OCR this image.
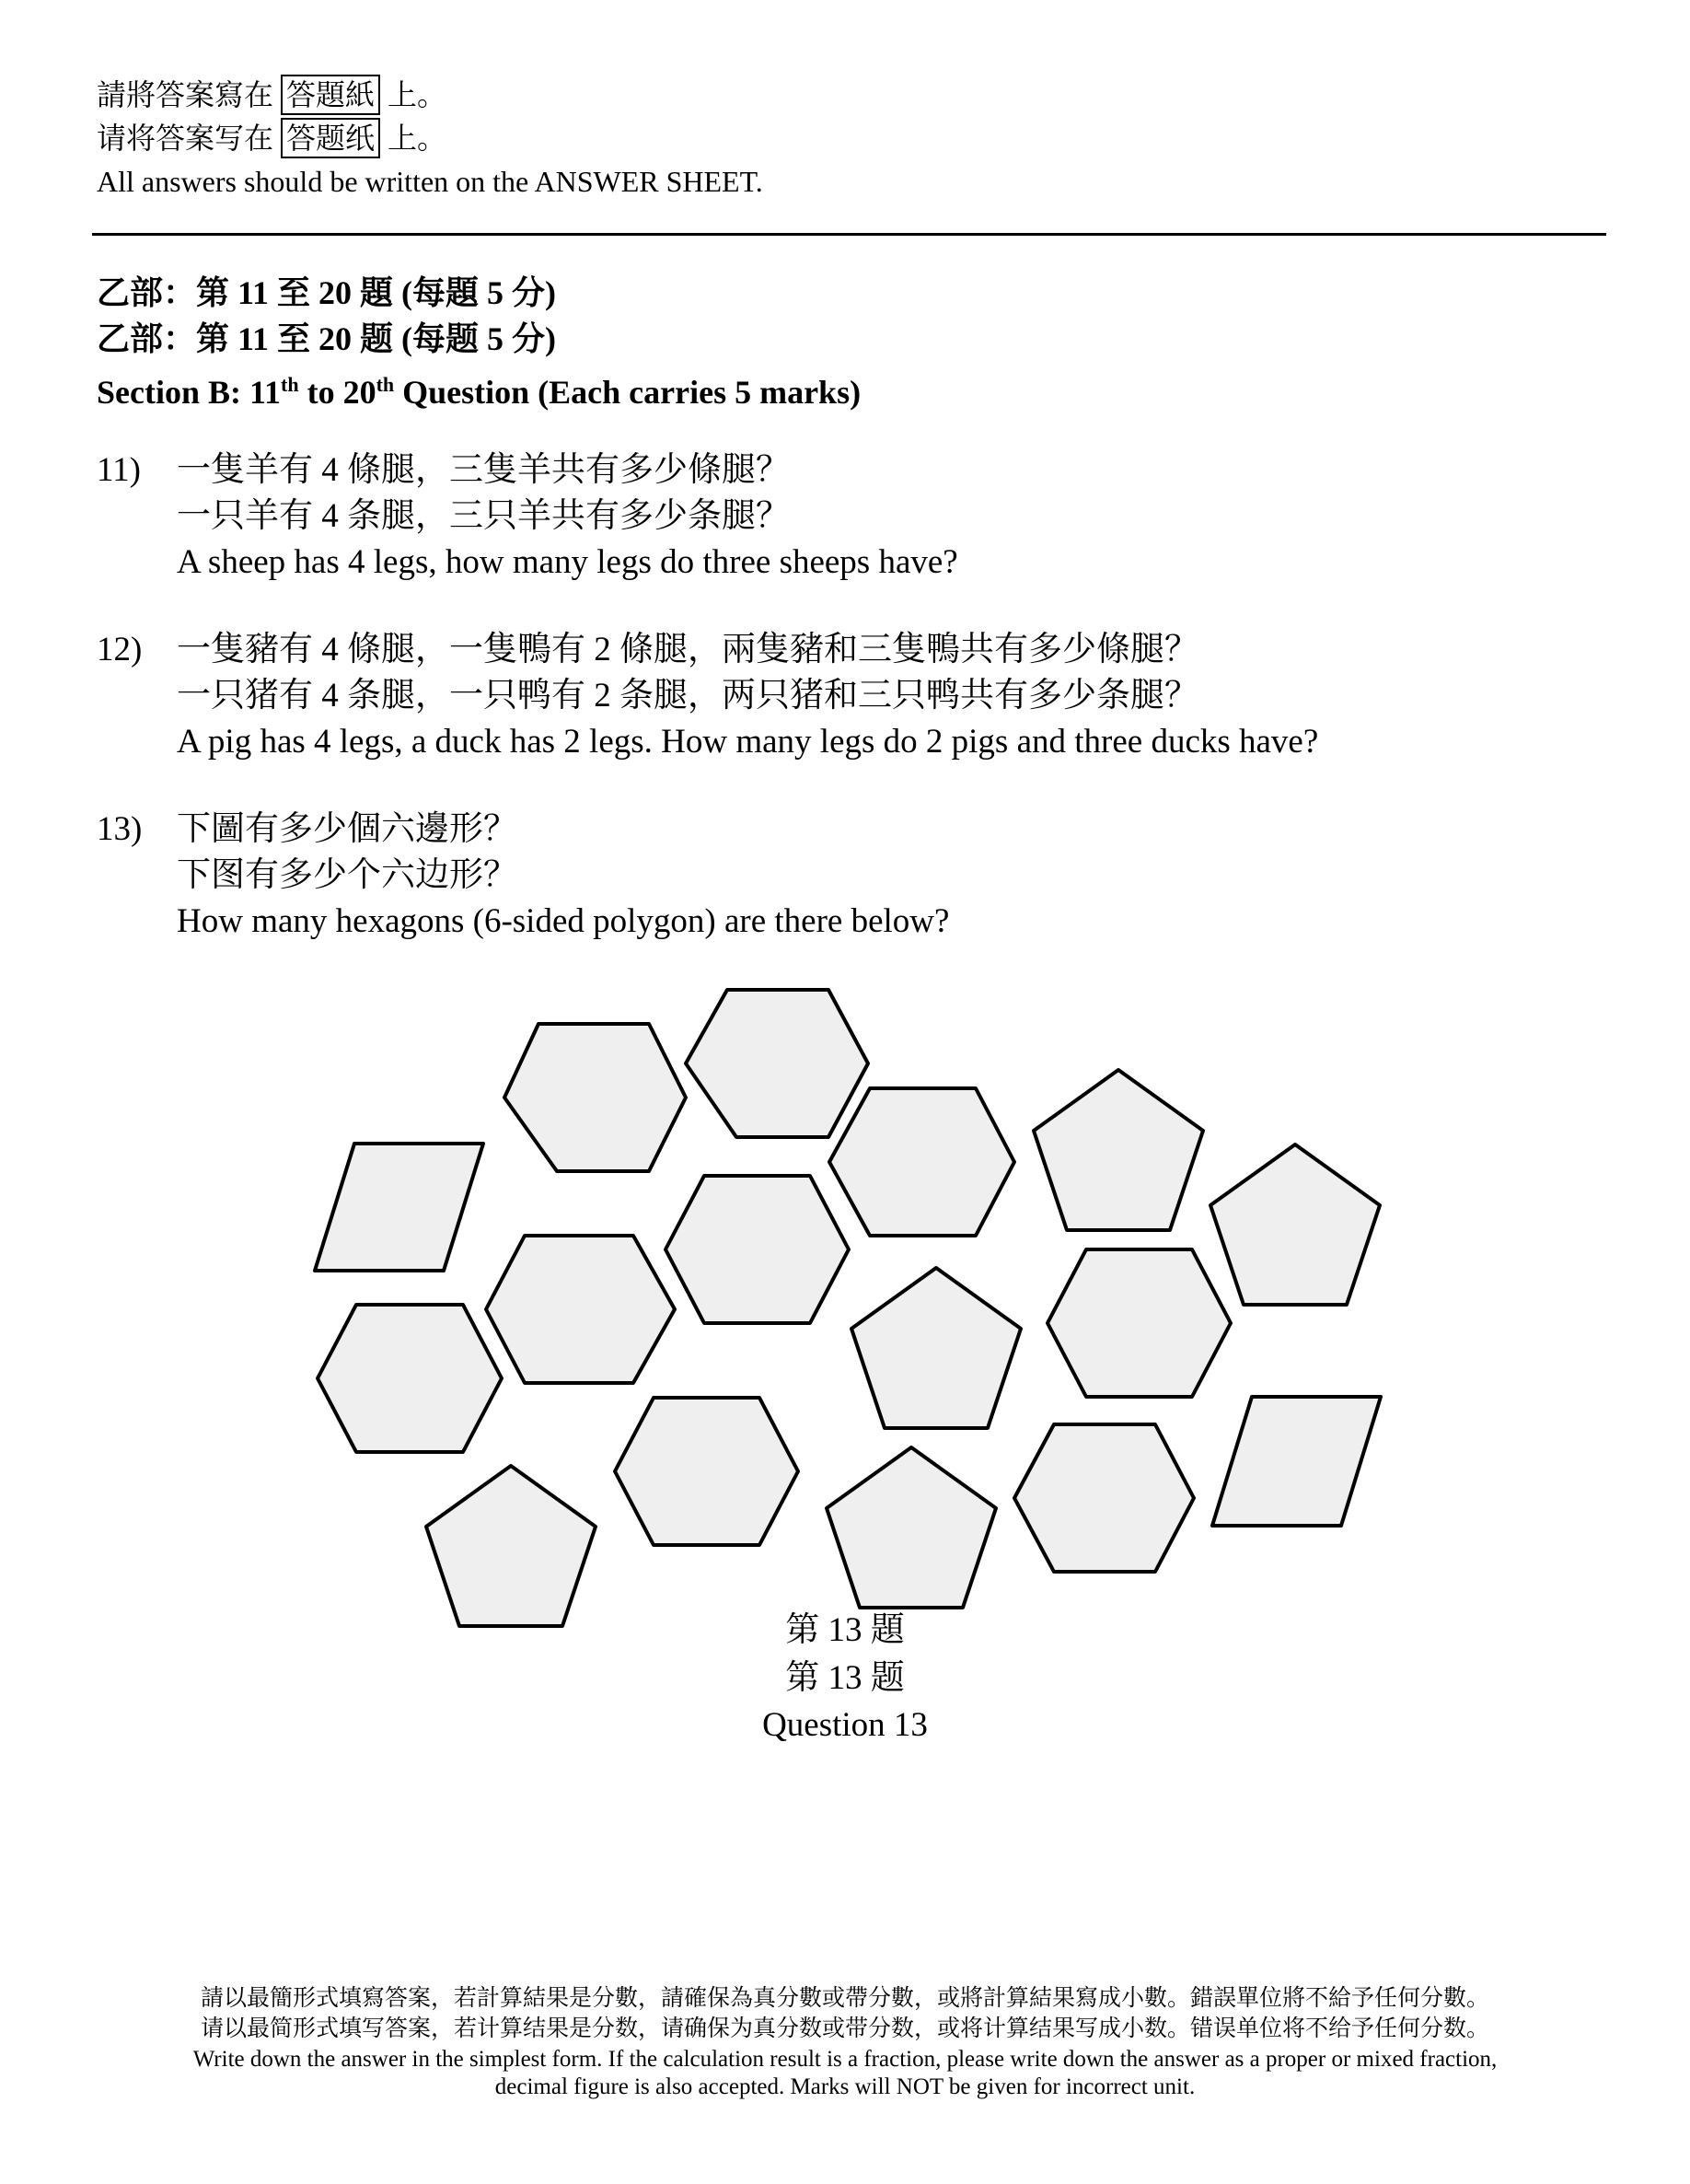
請將答案寫在 答題紙 上。
请将答案写在 答题纸 上。
All answers should be written on the ANSWER SHEET.
乙部：第 11 至 20 題 (每題 5 分)
乙部：第 11 至 20 题 (每题 5 分)
Section B: 11th to 20th Question (Each carries 5 marks)
11) 一隻羊有 4 條腿，三隻羊共有多少條腿？
一只羊有 4 条腿，三只羊共有多少条腿？
A sheep has 4 legs, how many legs do three sheeps have?
12) 一隻豬有 4 條腿，一隻鴨有 2 條腿，兩隻豬和三隻鴨共有多少條腿？
一只猪有 4 条腿，一只鸭有 2 条腿，两只猪和三只鸭共有多少条腿？
A pig has 4 legs, a duck has 2 legs. How many legs do 2 pigs and three ducks have?
13) 下圖有多少個六邊形？
下图有多少个六边形？
How many hexagons (6-sided polygon) are there below?
第 13 題
第 13 题
Question 13
請以最簡形式填寫答案，若計算結果是分數，請確保為真分數或帶分數，或將計算結果寫成小數。錯誤單位將不給予任何分數。
请以最简形式填写答案，若计算结果是分数，请确保为真分数或带分数，或将计算结果写成小数。错误单位将不给予任何分数。
Write down the answer in the simplest form. If the calculation result is a fraction, please write down the answer as a proper or mixed fraction,
decimal figure is also accepted. Marks will NOT be given for incorrect unit.
